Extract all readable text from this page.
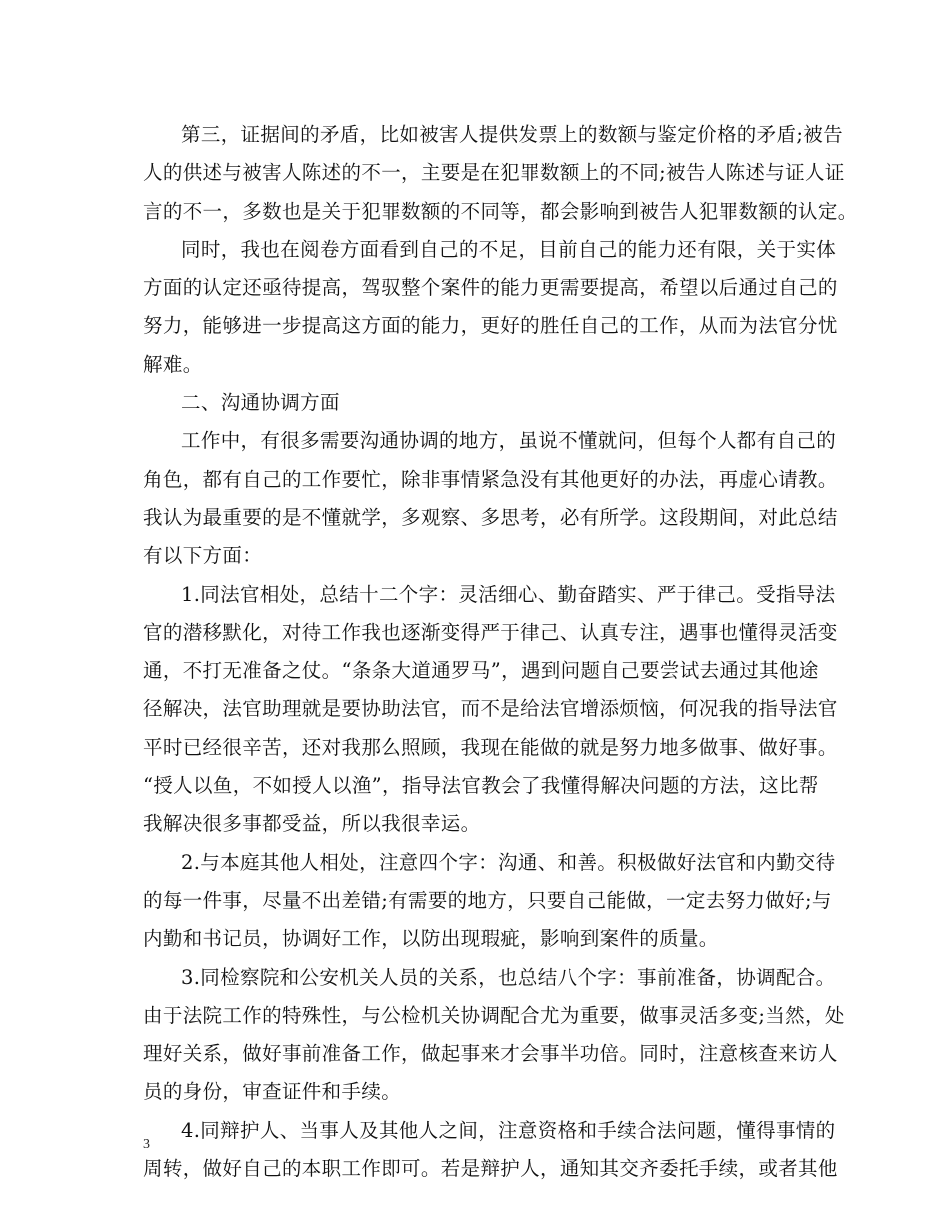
第三，证据间的矛盾，比如被害人提供发票上的数额与鉴定价格的矛盾;被告
人的供述与被害人陈述的不一，主要是在犯罪数额上的不同;被告人陈述与证人证
言的不一，多数也是关于犯罪数额的不同等，都会影响到被告人犯罪数额的认定。

同时，我也在阅卷方面看到自己的不足，目前自己的能力还有限，关于实体
方面的认定还亟待提高，驾驭整个案件的能力更需要提高，希望以后通过自己的
努力，能够进一步提高这方面的能力，更好的胜任自己的工作，从而为法官分忧
解难。

二、沟通协调方面

工作中，有很多需要沟通协调的地方，虽说不懂就问，但每个人都有自己的
角色，都有自己的工作要忙，除非事情紧急没有其他更好的办法，再虚心请教。
我认为最重要的是不懂就学，多观察、多思考，必有所学。这段期间，对此总结
有以下方面：

1.同法官相处，总结十二个字：灵活细心、勤奋踏实、严于律己。受指导法
官的潜移默化，对待工作我也逐渐变得严于律己、认真专注，遇事也懂得灵活变
通，不打无准备之仗。“条条大道通罗马”，遇到问题自己要尝试去通过其他途
径解决，法官助理就是要协助法官，而不是给法官增添烦恼，何况我的指导法官
平时已经很辛苦，还对我那么照顾，我现在能做的就是努力地多做事、做好事。
“授人以鱼，不如授人以渔”，指导法官教会了我懂得解决问题的方法，这比帮
我解决很多事都受益，所以我很幸运。

2.与本庭其他人相处，注意四个字：沟通、和善。积极做好法官和内勤交待
的每一件事，尽量不出差错;有需要的地方，只要自己能做，一定去努力做好;与
内勤和书记员，协调好工作，以防出现瑕疵，影响到案件的质量。

3.同检察院和公安机关人员的关系，也总结八个字：事前准备，协调配合。
由于法院工作的特殊性，与公检机关协调配合尤为重要，做事灵活多变;当然，处
理好关系，做好事前准备工作，做起事来才会事半功倍。同时，注意核查来访人
员的身份，审查证件和手续。

4.同辩护人、当事人及其他人之间，注意资格和手续合法问题，懂得事情的
周转，做好自己的本职工作即可。若是辩护人，通知其交齐委托手续，或者其他

3
